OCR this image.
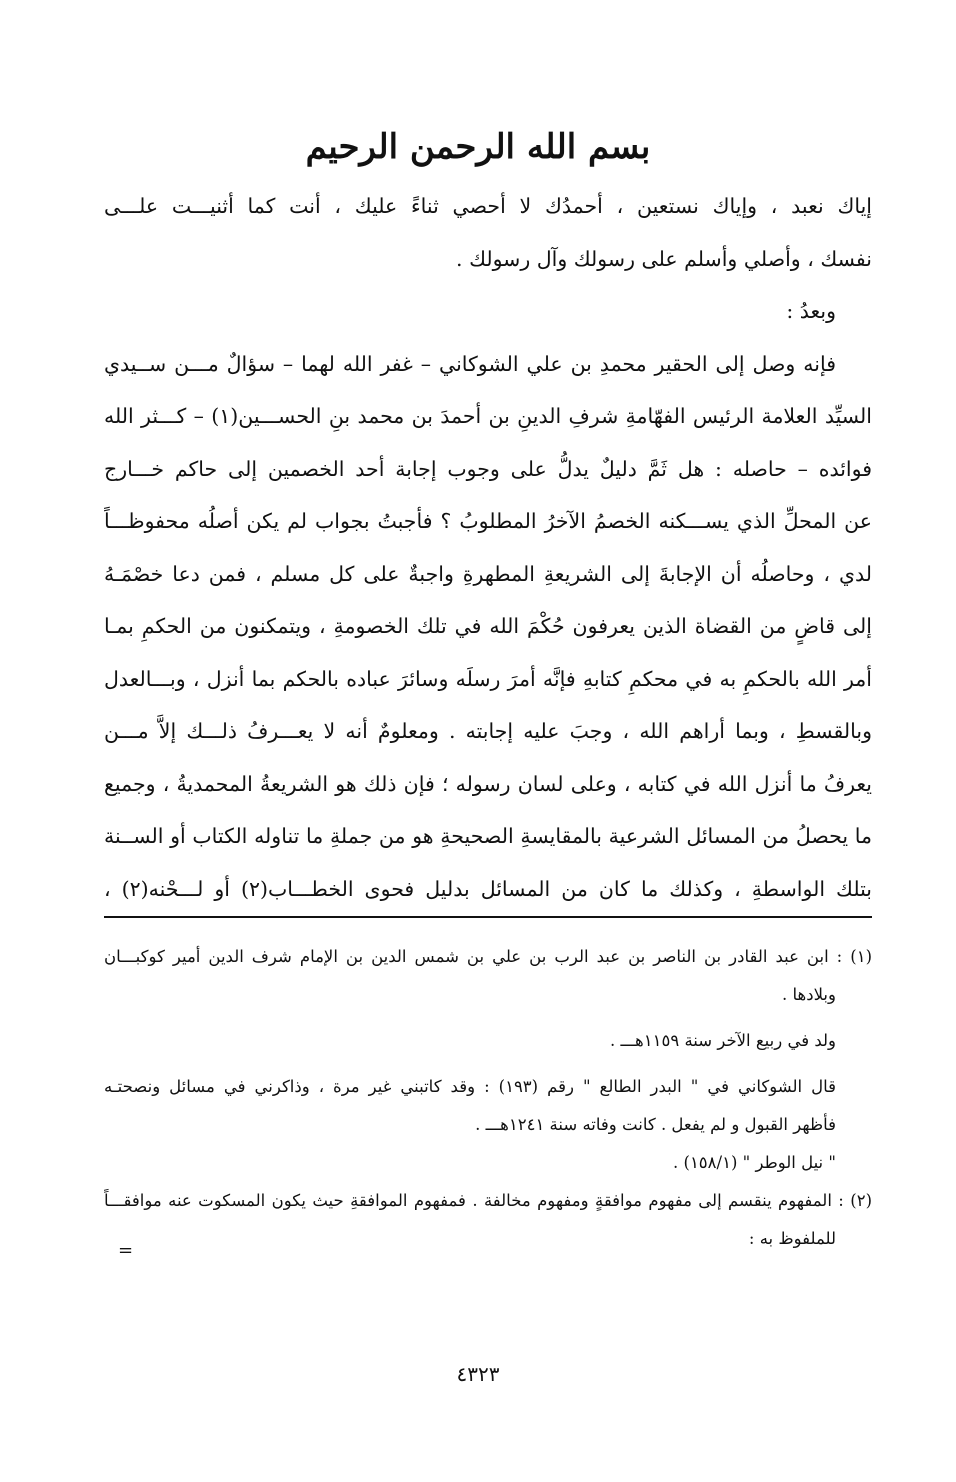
بسم الله الرحمن الرحيم
إياك نعبد ، وإياك نستعين ، أحمدُك لا أحصي ثناءً عليك ، أنت كما أثنيـــت علـــى
نفسك ، وأصلي وأسلم على رسولك وآل رسولك .
وبعدُ :
فإنه وصل إلى الحقير محمدِ بن علي الشوكاني – غفر الله لهما – سؤالٌ مـــن ســيدي
السيِّد العلامة الرئيس الفهّامةِ شرفِ الدينِ بن أحمدَ بن محمد بنِ الحســـين(١) – كـــثر الله
فوائده – حاصله : هل ثَمَّ دليلٌ يدلُّ على وجوب إجابة أحد الخصمين إلى حاكم خـــارج
عن المحلِّ الذي يســـكنه الخصمُ الآخرُ المطلوبُ ؟ فأجبتُ بجواب لم يكن أصلُه محفوظـــاً
لدي ، وحاصلُه أن الإجابةَ إلى الشريعةِ المطهرةِ واجبةٌ على كل مسلم ، فمن دعا خصْمَـهُ
إلى قاضٍ من القضاة الذين يعرفون حُكْمَ الله في تلك الخصومةِ ، ويتمكنون من الحكمِ بمـا
أمر الله بالحكمِ به في محكمِ كتابهِ فإنَّه أمرَ رسلَه وسائرَ عباده بالحكم بما أنزل ، وبـــالعدل
وبالقسطِ ، وبما أراهم الله ، وجبَ عليه إجابته . ومعلومٌ أنه لا يعـــرفُ ذلـــك إلاَّ مـــن
يعرفُ ما أنزل الله في كتابه ، وعلى لسان رسوله ؛ فإن ذلك هو الشريعةُ المحمديةُ ، وجميع
ما يحصلُ من المسائل الشرعية بالمقايسةِ الصحيحةِ هو من جملةِ ما تناوله الكتاب أو الســنة
بتلك الواسطةِ ، وكذلك ما كان من المسائل بدليل فحوى الخطـــاب(٢) أو لـــحْنه(٢) ،
(١) : ابن عبد القادر بن الناصر بن عبد الرب بن علي بن شمس الدين بن الإمام شرف الدين أمير كوكبـــان
وبلادها .
ولد في ربيع الآخر سنة ١١٥٩هـــ .
قال الشوكاني في " البدر الطالع " رقم (١٩٣) : وقد كاتبني غير مرة ، وذاكرني في مسائل ونصحتـه
فأظهر القبول و لم يفعل . كانت وفاته سنة ١٢٤١هـــ .
" نيل الوطر " (١٥٨/١) .
(٢) : المفهوم ينقسم إلى مفهوم موافقةٍ ومفهوم مخالفة . فمفهوم الموافقةِ حيث يكون المسكوت عنه موافقـــاً
للملفوظ به :
=
٤٣٢٣
